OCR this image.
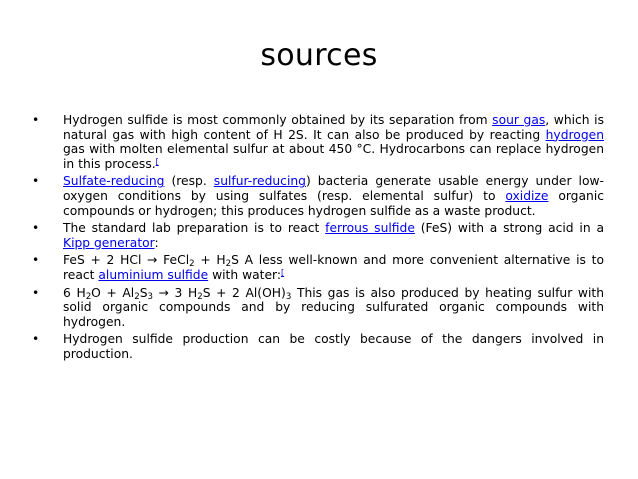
sources
• Hydrogen sulfide is most commonly obtained by its separation from sour gas, which is natural gas with high content of H 2S. It can also be produced by reacting hydrogen gas with molten elemental sulfur at about 450 °C. Hydrocarbons can replace hydrogen in this process.[
• Sulfate-reducing (resp. sulfur-reducing) bacteria generate usable energy under low-oxygen conditions by using sulfates (resp. elemental sulfur) to oxidize organic compounds or hydrogen; this produces hydrogen sulfide as a waste product.
• The standard lab preparation is to react ferrous sulfide (FeS) with a strong acid in a Kipp generator:
• FeS + 2 HCl → FeCl$_2$ + $H_2S$ A less well-known and more convenient alternative is to react aluminium sulfide with water:[
• 6 $H_2O + Al_2S_3 \to 3$ $H_2S + 2$ $Al(OH)_3$ This gas is also produced by heating sulfur with solid organic compounds and by reducing sulfurated organic compounds with hydrogen.
• Hydrogen sulfide production can be costly because of the dangers involved in production.
